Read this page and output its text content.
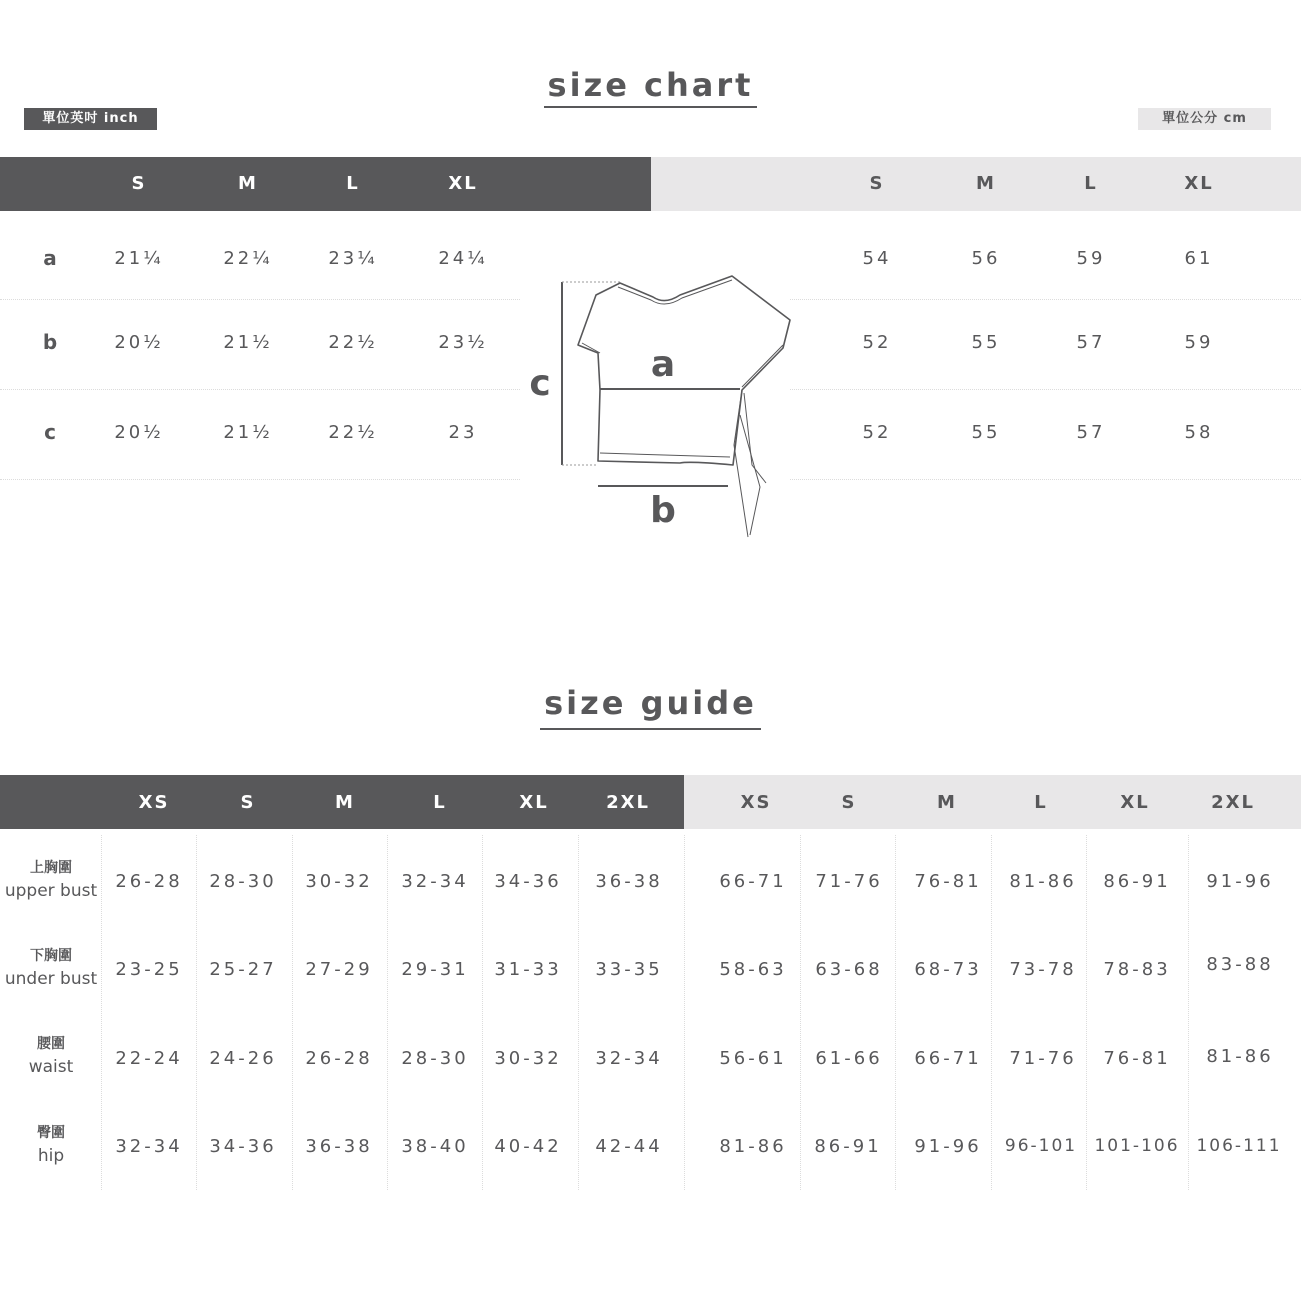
size chart
單位英吋 inch	單位公分 cm
S	M	L	XL	S	M	L	XL
a	21¼	22¼	23¼	24¼	54	56	59	61
b	20½	21½	22½	23½	52	55	57	59
c	20½	21½	22½	23	52	55	57	58
a
b
c
size guide
XS	S	M	L	XL	2XL	XS	S	M	L	XL	2XL
上胸圍
upper bust	26-28	28-30	30-32	32-34	34-36	36-38	66-71	71-76	76-81	81-86	86-91	91-96
下胸圍
under bust	23-25	25-27	27-29	29-31	31-33	33-35	58-63	63-68	68-73	73-78	78-83	83-88
腰圍
waist	22-24	24-26	26-28	28-30	30-32	32-34	56-61	61-66	66-71	71-76	76-81	81-86
臀圍
hip	32-34	34-36	36-38	38-40	40-42	42-44	81-86	86-91	91-96	96-101	101-106 106-111
